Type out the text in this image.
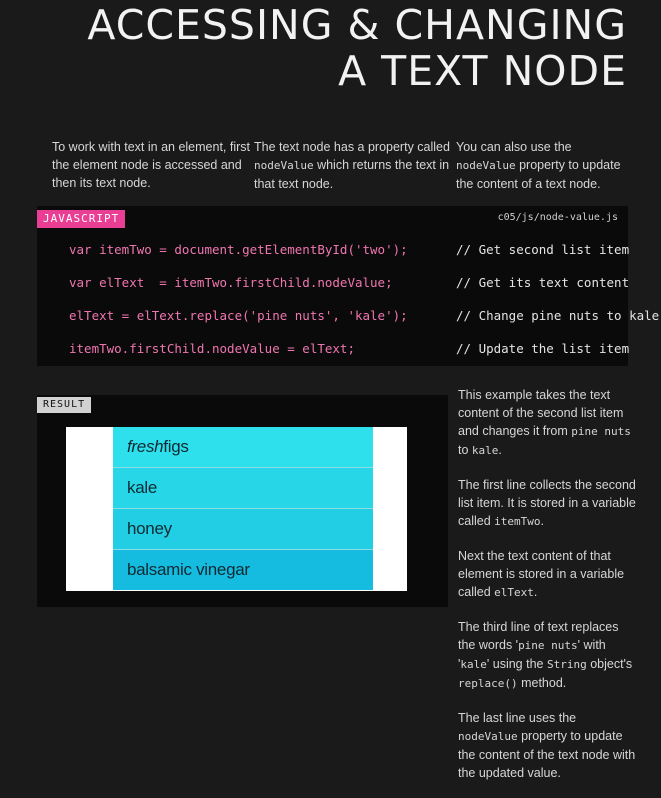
ACCESSING & CHANGING
A TEXT NODE

To work with text in an element, first the element node is accessed and then its text node.

The text node has a property called nodeValue which returns the text in that text node.

You can also use the nodeValue property to update the content of a text node.

JAVASCRIPT	c05/js/node-value.js
var itemTwo = document.getElementById('two');	// Get second list item
var elText  = itemTwo.firstChild.nodeValue;	// Get its text content
elText = elText.replace('pine nuts', 'kale');	// Change pine nuts to kale
itemTwo.firstChild.nodeValue = elText;	// Update the list item
RESULT
freshfigs
kale
honey
balsamic vinegar

This example takes the text content of the second list item and changes it from pine nuts to kale.

The first line collects the second list item. It is stored in a variable called itemTwo.

Next the text content of that element is stored in a variable called elText.

The third line of text replaces the words 'pine nuts' with 'kale' using the String object's replace() method.

The last line uses the nodeValue property to update the content of the text node with the updated value.
